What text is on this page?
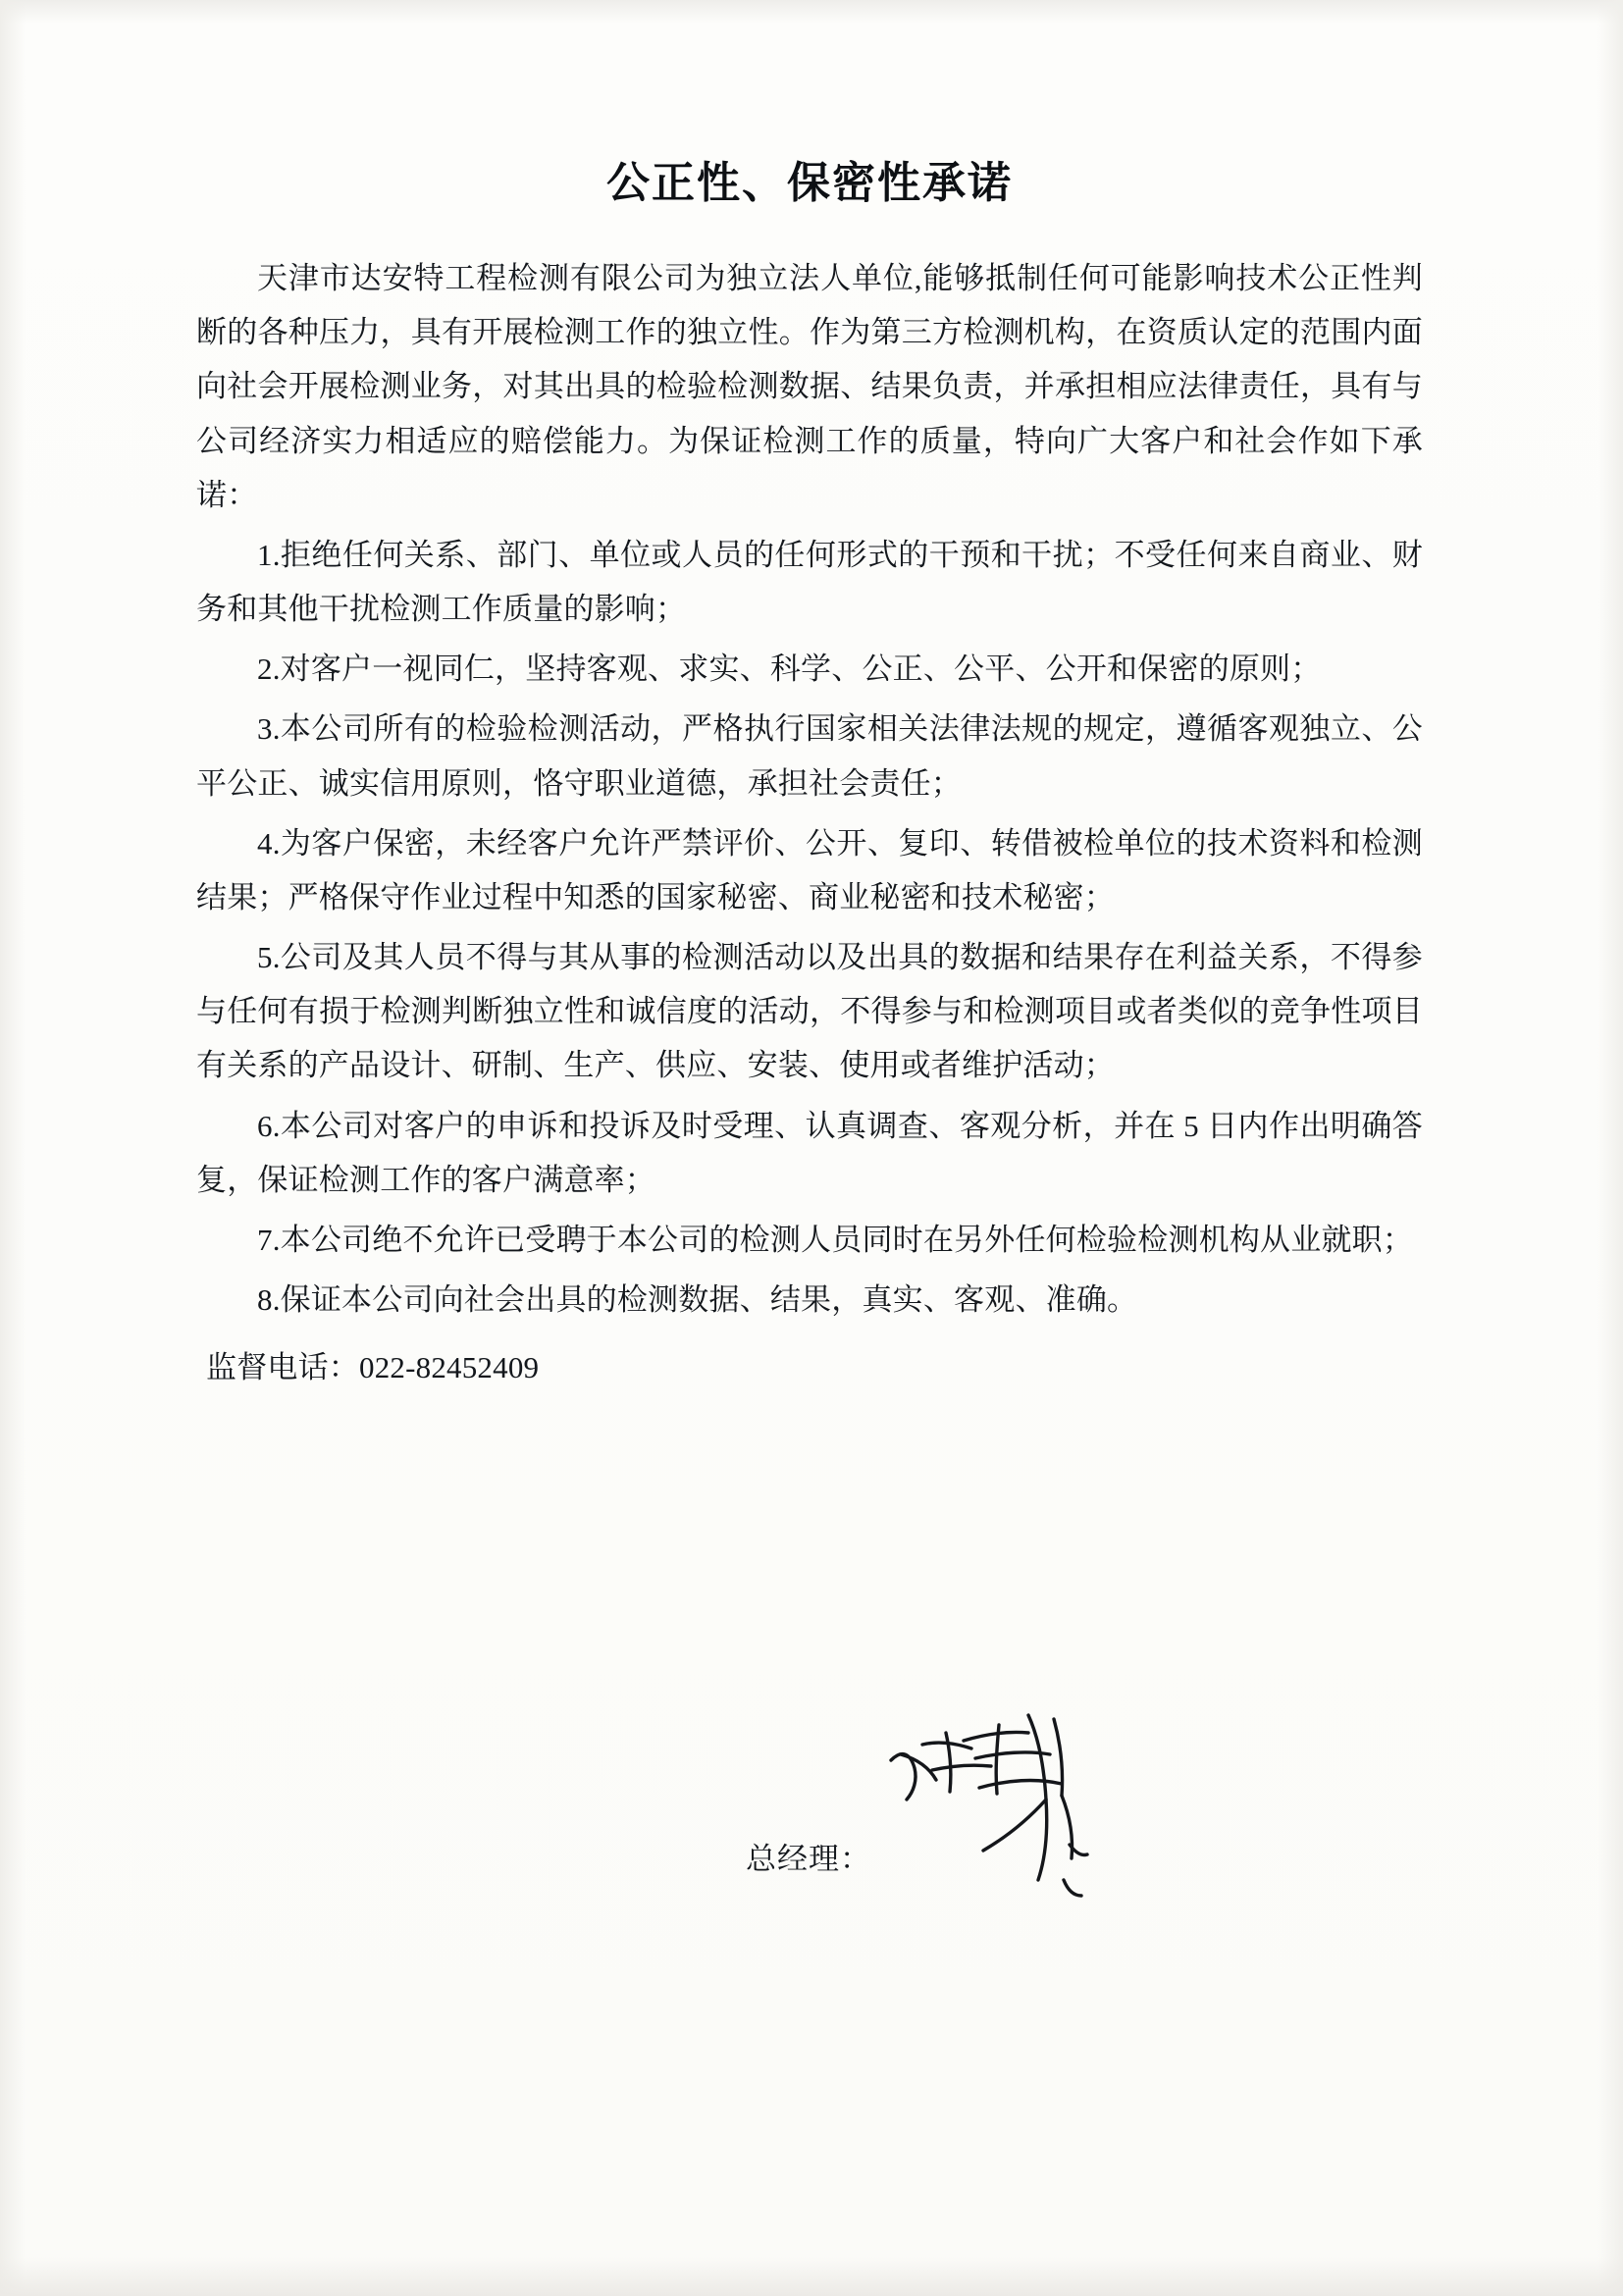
公正性、保密性承诺

天津市达安特工程检测有限公司为独立法人单位,能够抵制任何可能影响技术公正性判断的各种压力，具有开展检测工作的独立性。作为第三方检测机构，在资质认定的范围内面向社会开展检测业务，对其出具的检验检测数据、结果负责，并承担相应法律责任，具有与公司经济实力相适应的赔偿能力。为保证检测工作的质量，特向广大客户和社会作如下承诺：

1.拒绝任何关系、部门、单位或人员的任何形式的干预和干扰；不受任何来自商业、财务和其他干扰检测工作质量的影响；

2.对客户一视同仁，坚持客观、求实、科学、公正、公平、公开和保密的原则；

3.本公司所有的检验检测活动，严格执行国家相关法律法规的规定，遵循客观独立、公平公正、诚实信用原则，恪守职业道德，承担社会责任；

4.为客户保密，未经客户允许严禁评价、公开、复印、转借被检单位的技术资料和检测结果；严格保守作业过程中知悉的国家秘密、商业秘密和技术秘密；

5.公司及其人员不得与其从事的检测活动以及出具的数据和结果存在利益关系，不得参与任何有损于检测判断独立性和诚信度的活动，不得参与和检测项目或者类似的竞争性项目有关系的产品设计、研制、生产、供应、安装、使用或者维护活动；

6.本公司对客户的申诉和投诉及时受理、认真调查、客观分析，并在 5 日内作出明确答复，保证检测工作的客户满意率；

7.本公司绝不允许已受聘于本公司的检测人员同时在另外任何检验检测机构从业就职；

8.保证本公司向社会出具的检测数据、结果，真实、客观、准确。

监督电话：022-82452409

总经理：
